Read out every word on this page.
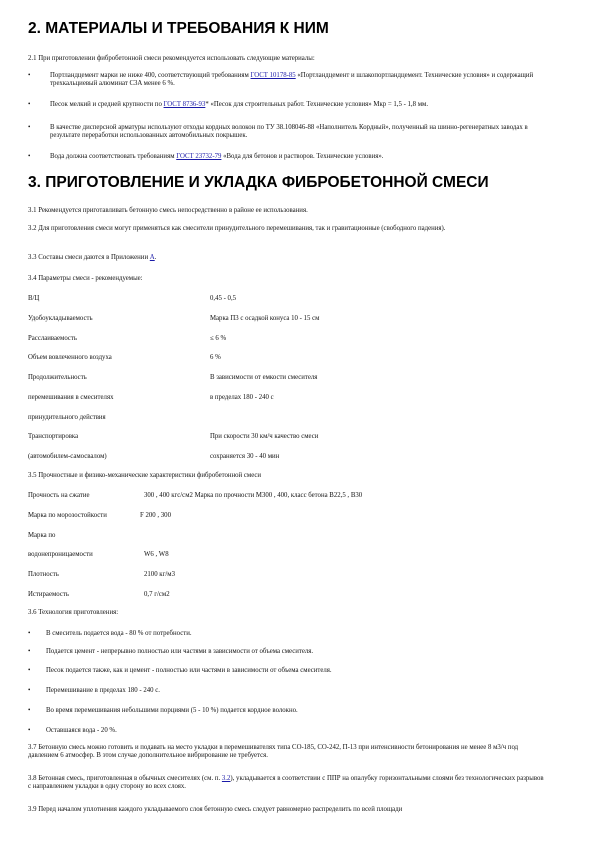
2. МАТЕРИАЛЫ И ТРЕБОВАНИЯ К НИМ
2.1 При приготовлении фибробетонной смеси рекомендуется использовать следующие материалы:
•	Портландцемент марки не ниже 400, соответствующий требованиям ГОСТ 10178-85 «Портландцемент и шлакопортландцемент. Технические условия» и содержащий трехкальциевый алюминат C3A менее 6 %.
•	Песок мелкий и средней крупности по ГОСТ 8736-93* «Песок для строительных работ. Технические условия» Мкр = 1,5 - 1,8 мм.
•	В качестве дисперсной арматуры используют отходы кордных волокон по ТУ 38.108046-88 «Наполнитель Кордный», полученный на шинно-регенератных заводах в результате переработки использованных автомобильных покрышек.
•	Вода должна соответствовать требованиям ГОСТ 23732-79 «Вода для бетонов и растворов. Технические условия».
3. ПРИГОТОВЛЕНИЕ И УКЛАДКА ФИБРОБЕТОННОЙ СМЕСИ
3.1 Рекомендуется приготавливать бетонную смесь непосредственно в районе ее использования.
3.2 Для приготовления смеси могут применяться как смесители принудительного перемешивания, так и гравитационные (свободного падения).
3.3 Составы смеси даются в Приложении А.
3.4 Параметры смеси - рекомендуемые:
В/Ц	0,45 - 0,5
Удобоукладываемость	Марка П3 с осадкой конуса 10 - 15 см
Расслаиваемость	≤ 6 %
Объем вовлеченного воздуха	6 %
Продолжительность	В зависимости от емкости смесителя
перемешивания в смесителях	в пределах 180 - 240 с
принудительного действия
Транспортировка	При скорости 30 км/ч качество смеси
(автомобилем-самосвалом)	сохраняется 30 - 40 мин
3.5 Прочностные и физико-механические характеристики фибробетонной смеси
Прочность на сжатие	300 , 400 кгс/см2 Марка по прочности М300 , 400, класс бетона В22,5 , В30
Марка по морозостойкости	F 200 , 300
Марка по
водонепроницаемости	W6 , W8
Плотность	2100 кг/м3
Истираемость	0,7 г/см2
3.6 Технология приготовления:
• В смеситель подается вода - 80 % от потребности.
• Подается цемент - непрерывно полностью или частями в зависимости от объема смесителя.
• Песок подается также, как и цемент - полностью или частями в зависимости от объема смесителя.
• Перемешивание в пределах 180 - 240 с.
• Во время перемешивания небольшими порциями (5 - 10 %) подается кордное волокно.
• Оставшаяся вода - 20 %.
3.7 Бетонную смесь можно готовить и подавать на место укладки в перемешивателях типа СО-185, СО-242, П-13 при интенсивности бетонирования не менее 8 м3/ч под давлением 6 атмосфер. В этом случае дополнительное вибрирование не требуется.
3.8 Бетонная смесь, приготовленная в обычных смесителях (см. п. 3.2), укладывается в соответствии с ППР на опалубку горизонтальными слоями без технологических разрывов с направлением укладки в одну сторону во всех слоях.
3.9 Перед началом уплотнения каждого укладываемого слоя бетонную смесь следует равномерно распределить по всей площади
